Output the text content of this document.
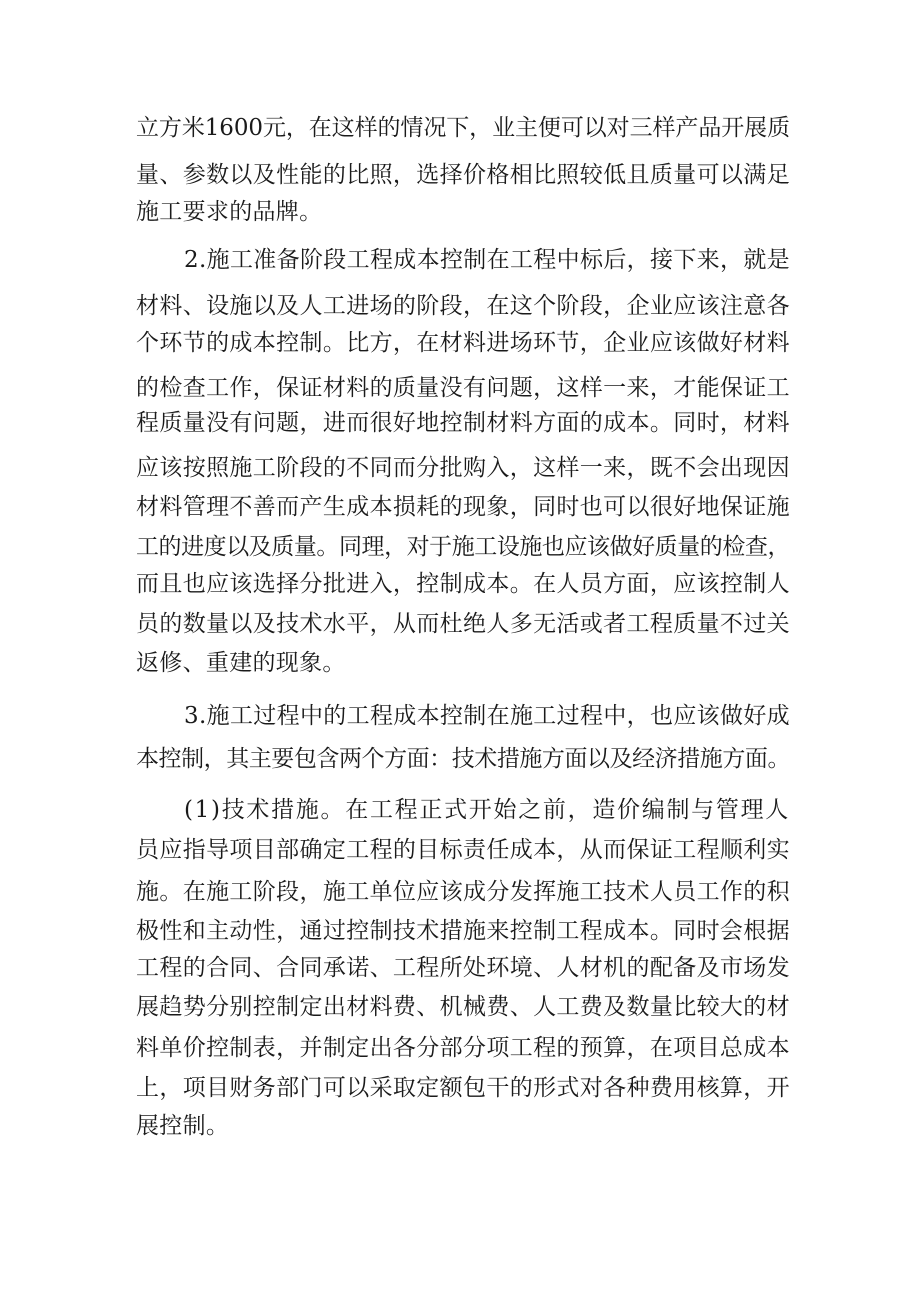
立方米1600元，在这样的情况下，业主便可以对三样产品开展质
量、参数以及性能的比照，选择价格相比照较低且质量可以满足
施工要求的品牌。
2.施工准备阶段工程成本控制在工程中标后，接下来，就是
材料、设施以及人工进场的阶段，在这个阶段，企业应该注意各
个环节的成本控制。比方，在材料进场环节，企业应该做好材料
的检查工作，保证材料的质量没有问题，这样一来，才能保证工
程质量没有问题，进而很好地控制材料方面的成本。同时，材料
应该按照施工阶段的不同而分批购入，这样一来，既不会出现因
材料管理不善而产生成本损耗的现象，同时也可以很好地保证施
工的进度以及质量。同理，对于施工设施也应该做好质量的检查，
而且也应该选择分批进入，控制成本。在人员方面，应该控制人
员的数量以及技术水平，从而杜绝人多无活或者工程质量不过关
返修、重建的现象。
3.施工过程中的工程成本控制在施工过程中，也应该做好成
本控制，其主要包含两个方面：技术措施方面以及经济措施方面。
(1)技术措施。在工程正式开始之前，造价编制与管理人
员应指导项目部确定工程的目标责任成本，从而保证工程顺利实
施。在施工阶段，施工单位应该成分发挥施工技术人员工作的积
极性和主动性，通过控制技术措施来控制工程成本。同时会根据
工程的合同、合同承诺、工程所处环境、人材机的配备及市场发
展趋势分别控制定出材料费、机械费、人工费及数量比较大的材
料单价控制表，并制定出各分部分项工程的预算，在项目总成本
上，项目财务部门可以采取定额包干的形式对各种费用核算，开
展控制。
